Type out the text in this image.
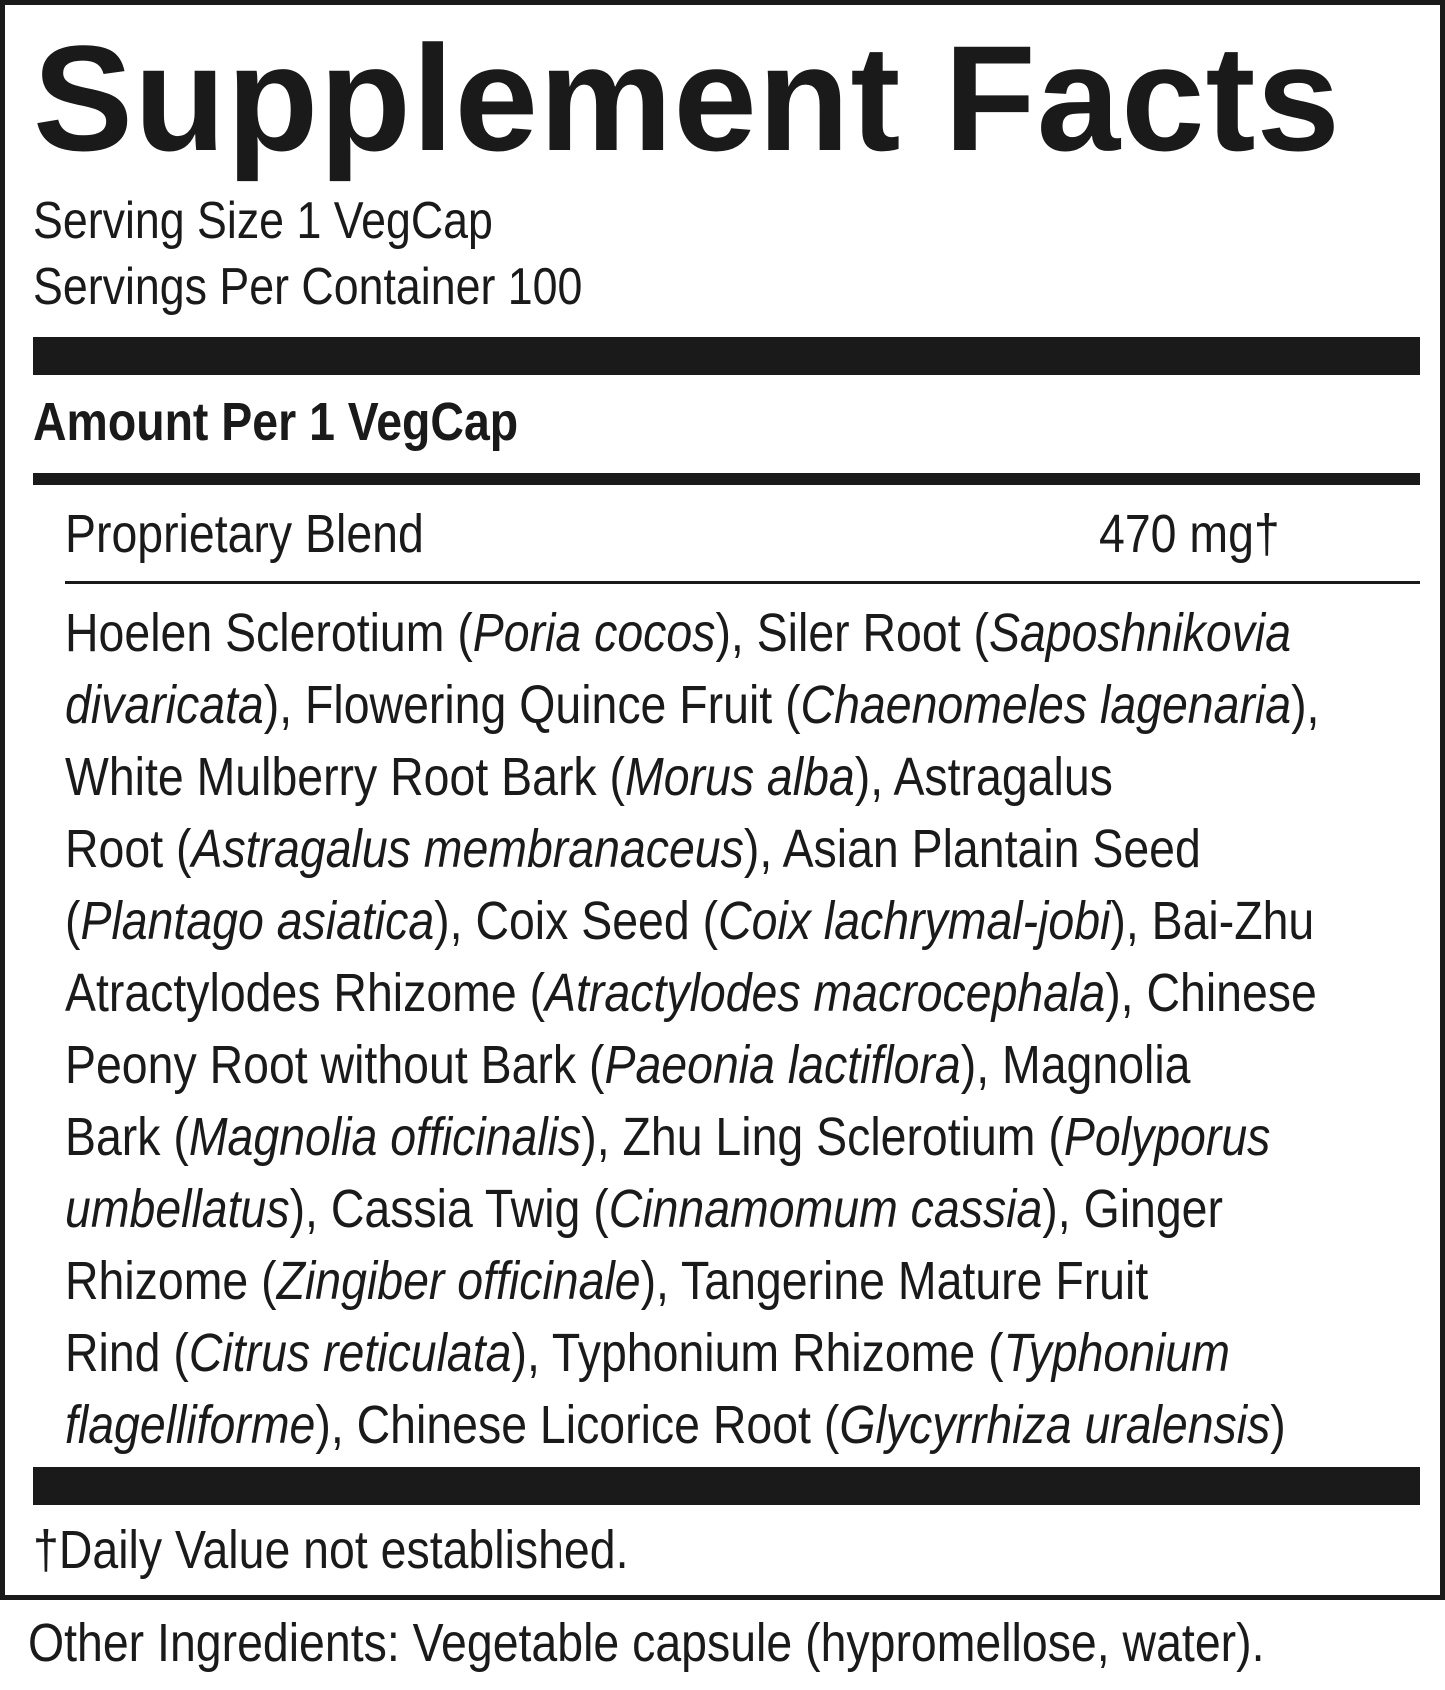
Supplement Facts
Serving Size 1 VegCap
Servings Per Container 100
Amount Per 1 VegCap
Proprietary Blend	470 mg†
Hoelen Sclerotium (Poria cocos), Siler Root (Saposhnikovia
divaricata), Flowering Quince Fruit (Chaenomeles lagenaria),
White Mulberry Root Bark (Morus alba), Astragalus
Root (Astragalus membranaceus), Asian Plantain Seed
(Plantago asiatica), Coix Seed (Coix lachrymal-jobi), Bai-Zhu
Atractylodes Rhizome (Atractylodes macrocephala), Chinese
Peony Root without Bark (Paeonia lactiflora), Magnolia
Bark (Magnolia officinalis), Zhu Ling Sclerotium (Polyporus
umbellatus), Cassia Twig (Cinnamomum cassia), Ginger
Rhizome (Zingiber officinale), Tangerine Mature Fruit
Rind (Citrus reticulata), Typhonium Rhizome (Typhonium
flagelliforme), Chinese Licorice Root (Glycyrrhiza uralensis)
†Daily Value not established.
Other Ingredients: Vegetable capsule (hypromellose, water).
